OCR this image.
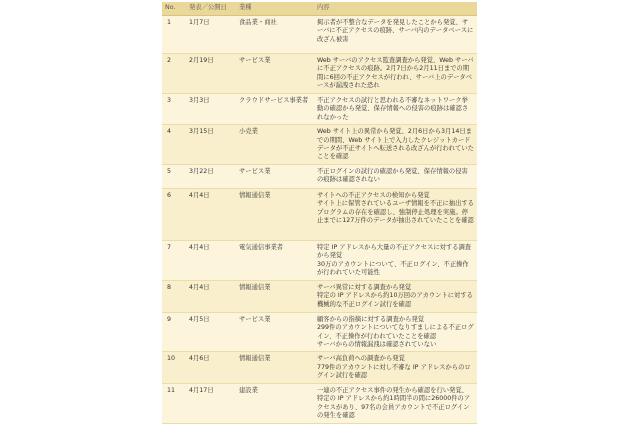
No.	発表／公開日	業種	内容
1	1月7日	食品業・商社	掲示者が不整合なデータを発見したことから発覚、サーバに不正アクセスの痕跡、サーバ内のデータベースに改ざん被害
2	2月19日	サービス業	Web サーバのアクセス監査調査から発覚、Web サーバに不正アクセスの痕跡。2月7日から2月11日までの期間に6回の不正アクセスが行われ、サーバ上のデータベースが漏洩された恐れ
3	3月3日	クラウドサービス事業者	不正アクセスの試行と思われる不審なネットワーク挙動の確認から発覚、保存情報への侵害の痕跡は確認されなかった
4	3月15日	小売業	Web サイト上の異常から発覚、2月6日から3月14日までの期間、Web サイト上で入力したクレジットカードデータが不正サイトへ転送される改ざんが行われていたことを確認
5	3月22日	サービス業	不正ログインの試行の確認から発覚、保存情報の侵害の痕跡は確認されない
6	4月4日	情報通信業	サイトへの不正アクセスの検知から発覚
サイト上に保管されているユーザ情報を不正に抽出するプログラムの存在を確認し、強制停止処理を実施。停止までに127万件のデータが抽出されていたことを確認
7	4月4日	電気通信事業者	特定 IP アドレスから大量の不正アクセスに対する調査から発覚
30万のアカウントについて、不正ログイン、不正操作が行われていた可能性
8	4月4日	情報通信業	サーバ異常に対する調査から発覚
特定の IP アドレスから約10万回のアカウントに対する機械的な不正ログイン試行を確認
9	4月5日	サービス業	顧客からの指摘に対する調査から発覚
299件のアカウントについてなりすましによる不正ログイン、不正操作が行われていたことを確認
サーバからの情報漏洩は確認されていない
10	4月6日	情報通信業	サーバ高負荷への調査から発覚
779件のアカウントに対し不審な IP アドレスからのログイン試行を確認
11	4月17日	建設業	一連の不正アクセス事件の発生から確認を行い発覚、特定の IP アドレスから約1時間半の間に26000件のアクセスがあり、97名の会員アカウントで不正ログインの発生を確認
